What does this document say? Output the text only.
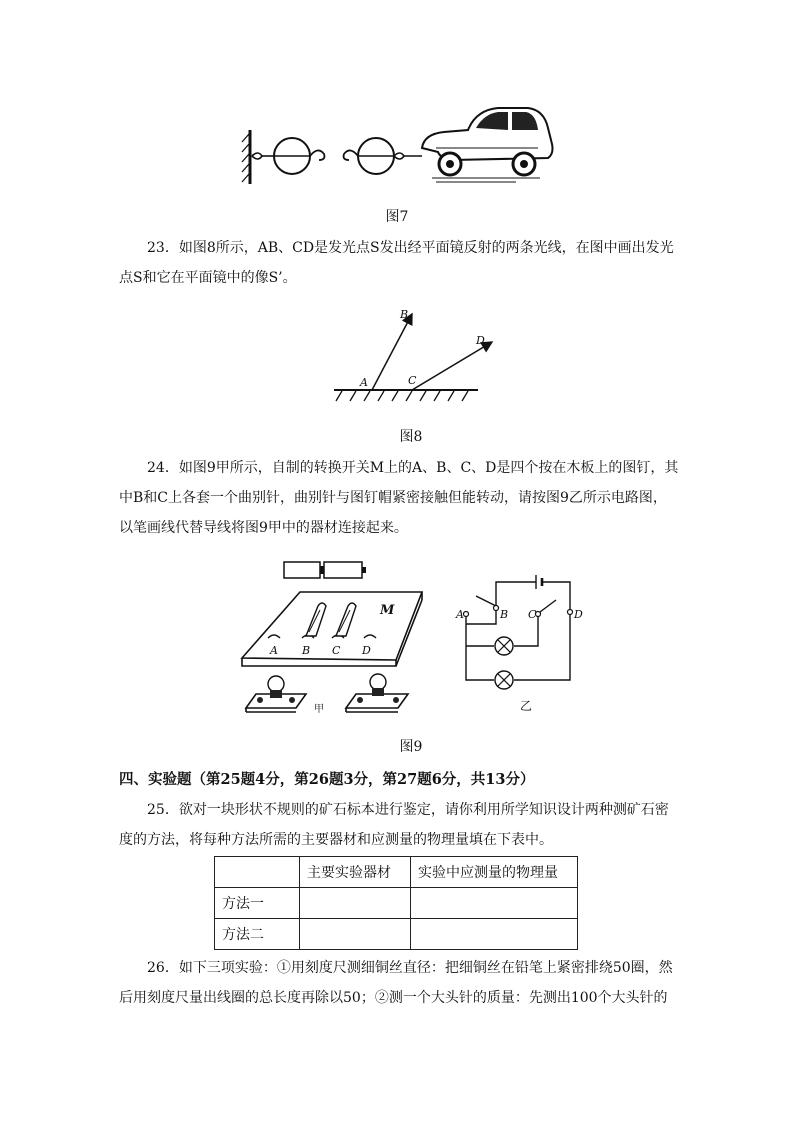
图7
23．如图8所示，AB、CD是发光点S发出经平面镜反射的两条光线，在图中画出发光
点S和它在平面镜中的像S’。
A
B
C
D
图8
24．如图9甲所示，自制的转换开关M上的A、B、C、D是四个按在木板上的图钉，其
中B和C上各套一个曲别针，曲别针与图钉帽紧密接触但能转动，请按图9乙所示电路图，
以笔画线代替导线将图9甲中的器材连接起来。
M
A B C D
甲
A	B C	D
乙
图9
四、实验题（第25题4分，第26题3分，第27题6分，共13分）
25．欲对一块形状不规则的矿石标本进行鉴定，请你利用所学知识设计两种测矿石密
度的方法，将每种方法所需的主要器材和应测量的物理量填在下表中。
	主要实验器材	实验中应测量的物理量
方法一		
方法二		
26．如下三项实验：①用刻度尺测细铜丝直径：把细铜丝在铅笔上紧密排绕50圈，然
后用刻度尺量出线圈的总长度再除以50；②测一个大头针的质量：先测出100个大头针的
